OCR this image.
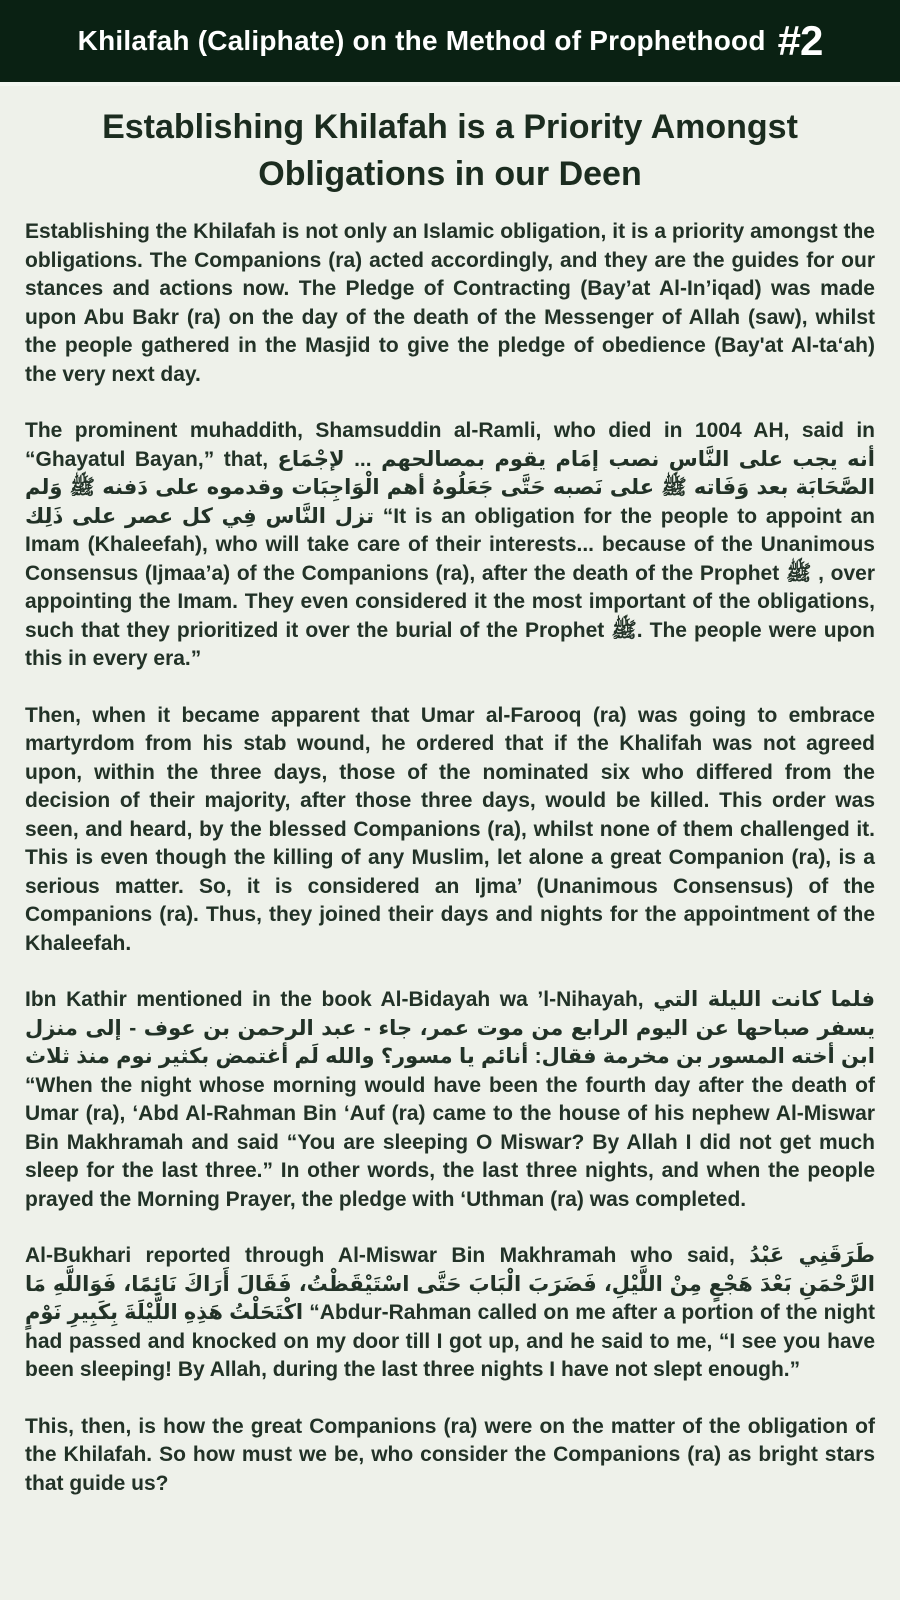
Khilafah (Caliphate) on the Method of Prophethood #2
Establishing Khilafah is a Priority Amongst
Obligations in our Deen

Establishing the Khilafah is not only an Islamic obligation, it is a priority amongst the obligations. The Companions (ra) acted accordingly, and they are the guides for our stances and actions now. The Pledge of Contracting (Bay’at Al-In’iqad) was made upon Abu Bakr (ra) on the day of the death of the Messenger of Allah (saw), whilst the people gathered in the Masjid to give the pledge of obedience (Bay'at Al-ta‘ah) the very next day.

The prominent muhaddith, Shamsuddin al-Ramli, who died in 1004 AH, said in “Ghayatul Bayan,” that, أنه يجب على النَّاس نصب إمَام يقوم بمصالحهم ... لإجْمَاع الصَّحَابَة بعد وَفَاته ﷺ على نَصبه حَتَّى جَعَلُوهُ أهم الْوَاجِبَات وقدموه على دَفنه ﷺ وَلم تزل النَّاس فِي كل عصر على ذَلِك “It is an obligation for the people to appoint an Imam (Khaleefah), who will take care of their interests... because of the Unanimous Consensus (Ijmaa’a) of the Companions (ra), after the death of the Prophet ﷺ , over appointing the Imam. They even considered it the most important of the obligations, such that they prioritized it over the burial of the Prophet ﷺ. The people were upon this in every era.”

Then, when it became apparent that Umar al-Farooq (ra) was going to embrace martyrdom from his stab wound, he ordered that if the Khalifah was not agreed upon, within the three days, those of the nominated six who differed from the decision of their majority, after those three days, would be killed. This order was seen, and heard, by the blessed Companions (ra), whilst none of them challenged it. This is even though the killing of any Muslim, let alone a great Companion (ra), is a serious matter. So, it is considered an Ijma’ (Unanimous Consensus) of the Companions (ra). Thus, they joined their days and nights for the appointment of the Khaleefah.

Ibn Kathir mentioned in the book Al-Bidayah wa ’l-Nihayah, فلما كانت الليلة التي يسفر صباحها عن اليوم الرابع من موت عمر، جاء - عبد الرحمن بن عوف - إلى منزل ابن أخته المسور بن مخرمة فقال: أنائم يا مسور؟ والله لَم أغتمض بكثير نوم منذ ثلاث “When the night whose morning would have been the fourth day after the death of Umar (ra), ‘Abd Al-Rahman Bin ‘Auf (ra) came to the house of his nephew Al-Miswar Bin Makhramah and said “You are sleeping O Miswar? By Allah I did not get much sleep for the last three.” In other words, the last three nights, and when the people prayed the Morning Prayer, the pledge with ‘Uthman (ra) was completed.

Al-Bukhari reported through Al-Miswar Bin Makhramah who said, طَرَقَنِي عَبْدُ الرَّحْمَنِ بَعْدَ هَجْعٍ مِنْ اللَّيْلِ، فَضَرَبَ الْبَابَ حَتَّى اسْتَيْقَظْتُ، فَقَالَ أَرَاكَ نَائِمًا، فَوَاللَّهِ مَا اكْتَحَلْتُ هَذِهِ اللَّيْلَةَ بِكَبِيرِ نَوْمٍ “Abdur-Rahman called on me after a portion of the night had passed and knocked on my door till I got up, and he said to me, “I see you have been sleeping! By Allah, during the last three nights I have not slept enough.”

This, then, is how the great Companions (ra) were on the matter of the obligation of the Khilafah. So how must we be, who consider the Companions (ra) as bright stars that guide us?
